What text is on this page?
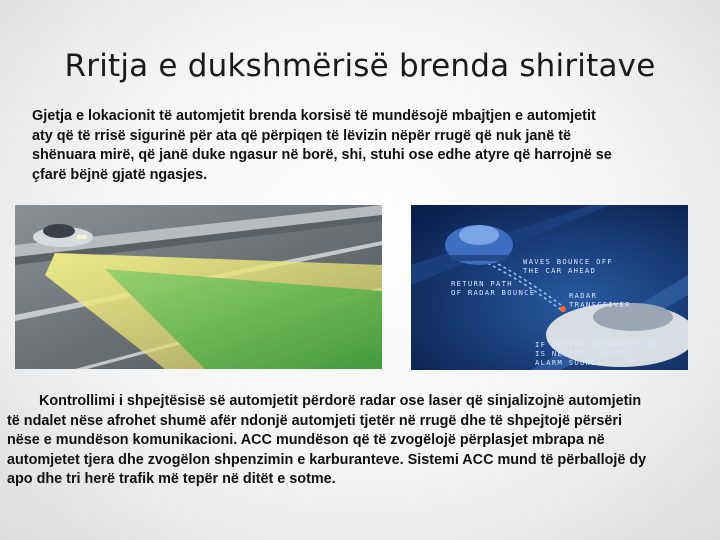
Rritja e dukshmërisë brenda shiritave
Gjetja e lokacionit të automjetit brenda korsisë të mundësojë mbajtjen e automjetit
aty që të rrisë sigurinë për ata që përpiqen të lëvizin nëpër rrugë që nuk janë të
shënuara mirë, që janë duke ngasur në borë, shi, stuhi ose edhe atyre që harrojnë se
çfarë bëjnë gjatë ngasjes.
WAVES BOUNCE OFF
THE CAR AHEAD
RETURN PATH
OF RADAR BOUNCE	RADAR
TRANSCEIVER
IF DRIVER INTERVENTION
IS NEEDED, COCKPIT
ALARM SOUNDS.
Kontrollimi i shpejtësisë së automjetit përdorë radar ose laser që sinjalizojnë automjetin
të ndalet nëse afrohet shumë afër ndonjë automjeti tjetër në rrugë dhe të shpejtojë përsëri
nëse e mundëson komunikacioni. ACC mundëson që të zvogëlojë përplasjet mbrapa në
automjetet tjera dhe zvogëlon shpenzimin e karburanteve. Sistemi ACC mund të përballojë dy
apo dhe tri herë trafik më tepër në ditët e sotme.
